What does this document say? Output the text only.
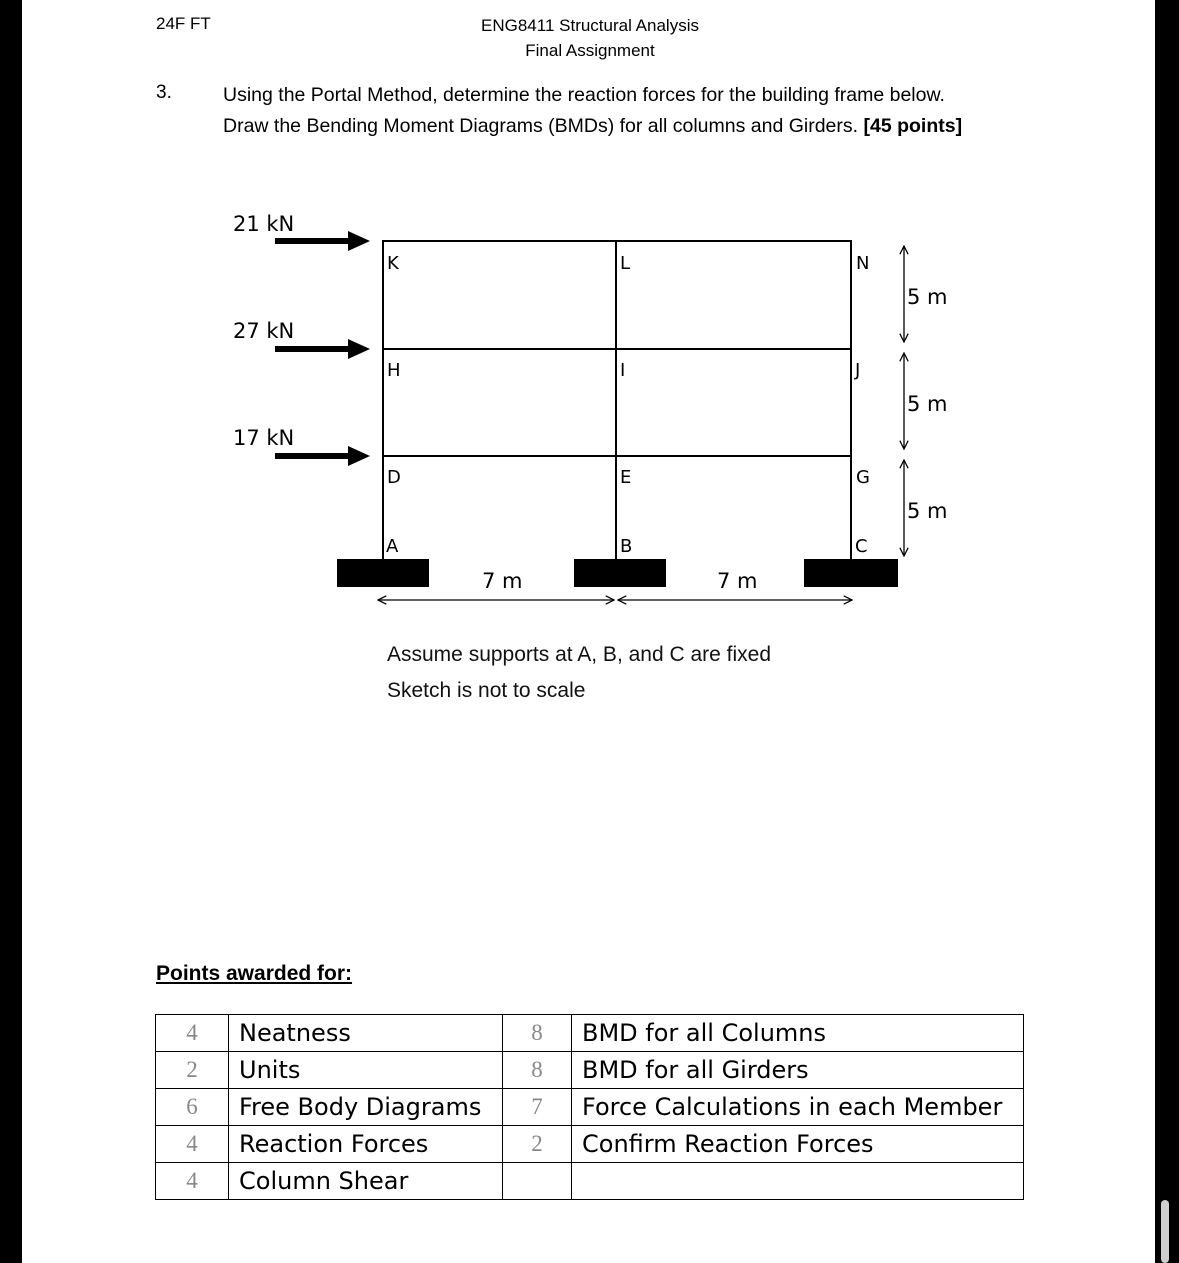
24F FT	ENG8411 Structural Analysis
Final Assignment
3.	Using the Portal Method, determine the reaction forces for the building frame below.
Draw the Bending Moment Diagrams (BMDs) for all columns and Girders. [45 points]
21 kN
27 kN
17 kN
K	L	N
H	I	J
D	E	G
A	B	C
7 m	7 m
5 m
5 m
5 m
Assume supports at A, B, and C are fixed
Sketch is not to scale
Points awarded for:
4	Neatness	8	BMD for all Columns
2	Units	8	BMD for all Girders
6	Free Body Diagrams	7	Force Calculations in each Member
4	Reaction Forces	2	Confirm Reaction Forces
4	Column Shear		
